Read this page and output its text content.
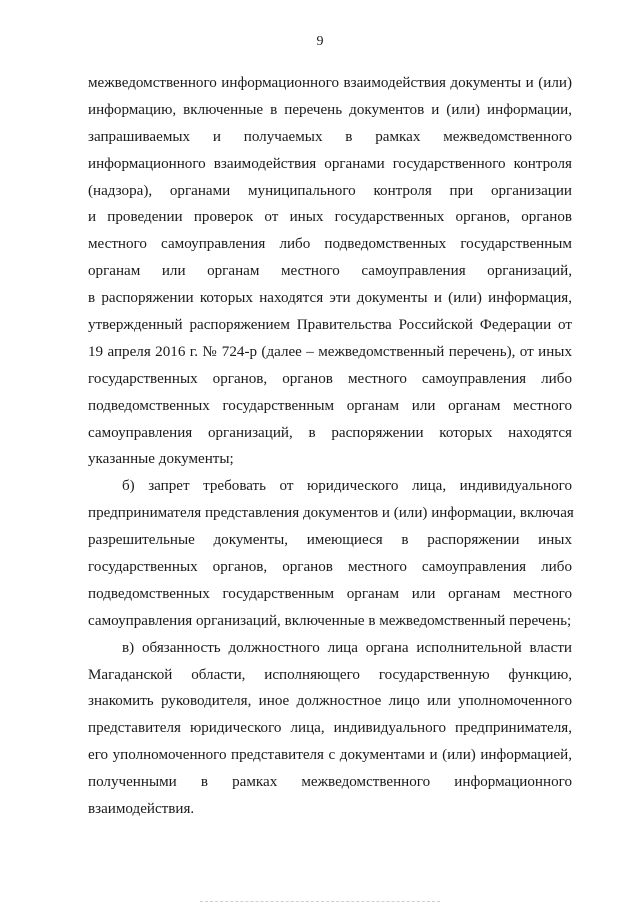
9
межведомственного информационного взаимодействия документы и (или)
информацию, включенные в перечень документов и (или) информации,
запрашиваемых и получаемых в рамках межведомственного
информационного взаимодействия органами государственного контроля
(надзора), органами муниципального контроля при организации
и проведении проверок от иных государственных органов, органов
местного самоуправления либо подведомственных государственным
органам или органам местного самоуправления организаций,
в распоряжении которых находятся эти документы и (или) информация,
утвержденный распоряжением Правительства Российской Федерации от
19 апреля 2016 г. № 724-р (далее – межведомственный перечень), от иных
государственных органов, органов местного самоуправления либо
подведомственных государственным органам или органам местного
самоуправления организаций, в распоряжении которых находятся
указанные документы;
б) запрет требовать от юридического лица, индивидуального
предпринимателя представления документов и (или) информации, включая
разрешительные документы, имеющиеся в распоряжении иных
государственных органов, органов местного самоуправления либо
подведомственных государственным органам или органам местного
самоуправления организаций, включенные в межведомственный перечень;
в) обязанность должностного лица органа исполнительной власти
Магаданской области, исполняющего государственную функцию,
знакомить руководителя, иное должностное лицо или уполномоченного
представителя юридического лица, индивидуального предпринимателя,
его уполномоченного представителя с документами и (или) информацией,
полученными в рамках межведомственного информационного
взаимодействия.
